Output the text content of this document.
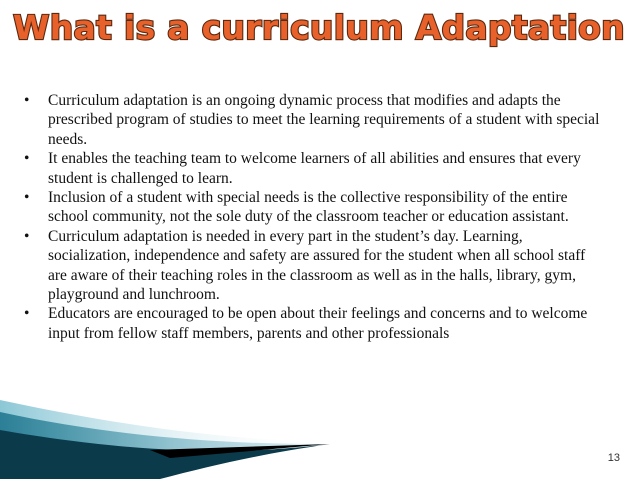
What is a curriculum Adaptation
• Curriculum adaptation is an ongoing dynamic process that modifies and adapts the prescribed program of studies to meet the learning requirements of a student with special needs.
• It enables the teaching team to welcome learners of all abilities and ensures that every student is challenged to learn.
• Inclusion of a student with special needs is the collective responsibility of the entire school community, not the sole duty of the classroom teacher or education assistant.
• Curriculum adaptation is needed in every part in the student’s day. Learning, socialization, independence and safety are assured for the student when all school staff are aware of their teaching roles in the classroom as well as in the halls, library, gym, playground and lunchroom.
• Educators are encouraged to be open about their feelings and concerns and to welcome input from fellow staff members, parents and other professionals
13
